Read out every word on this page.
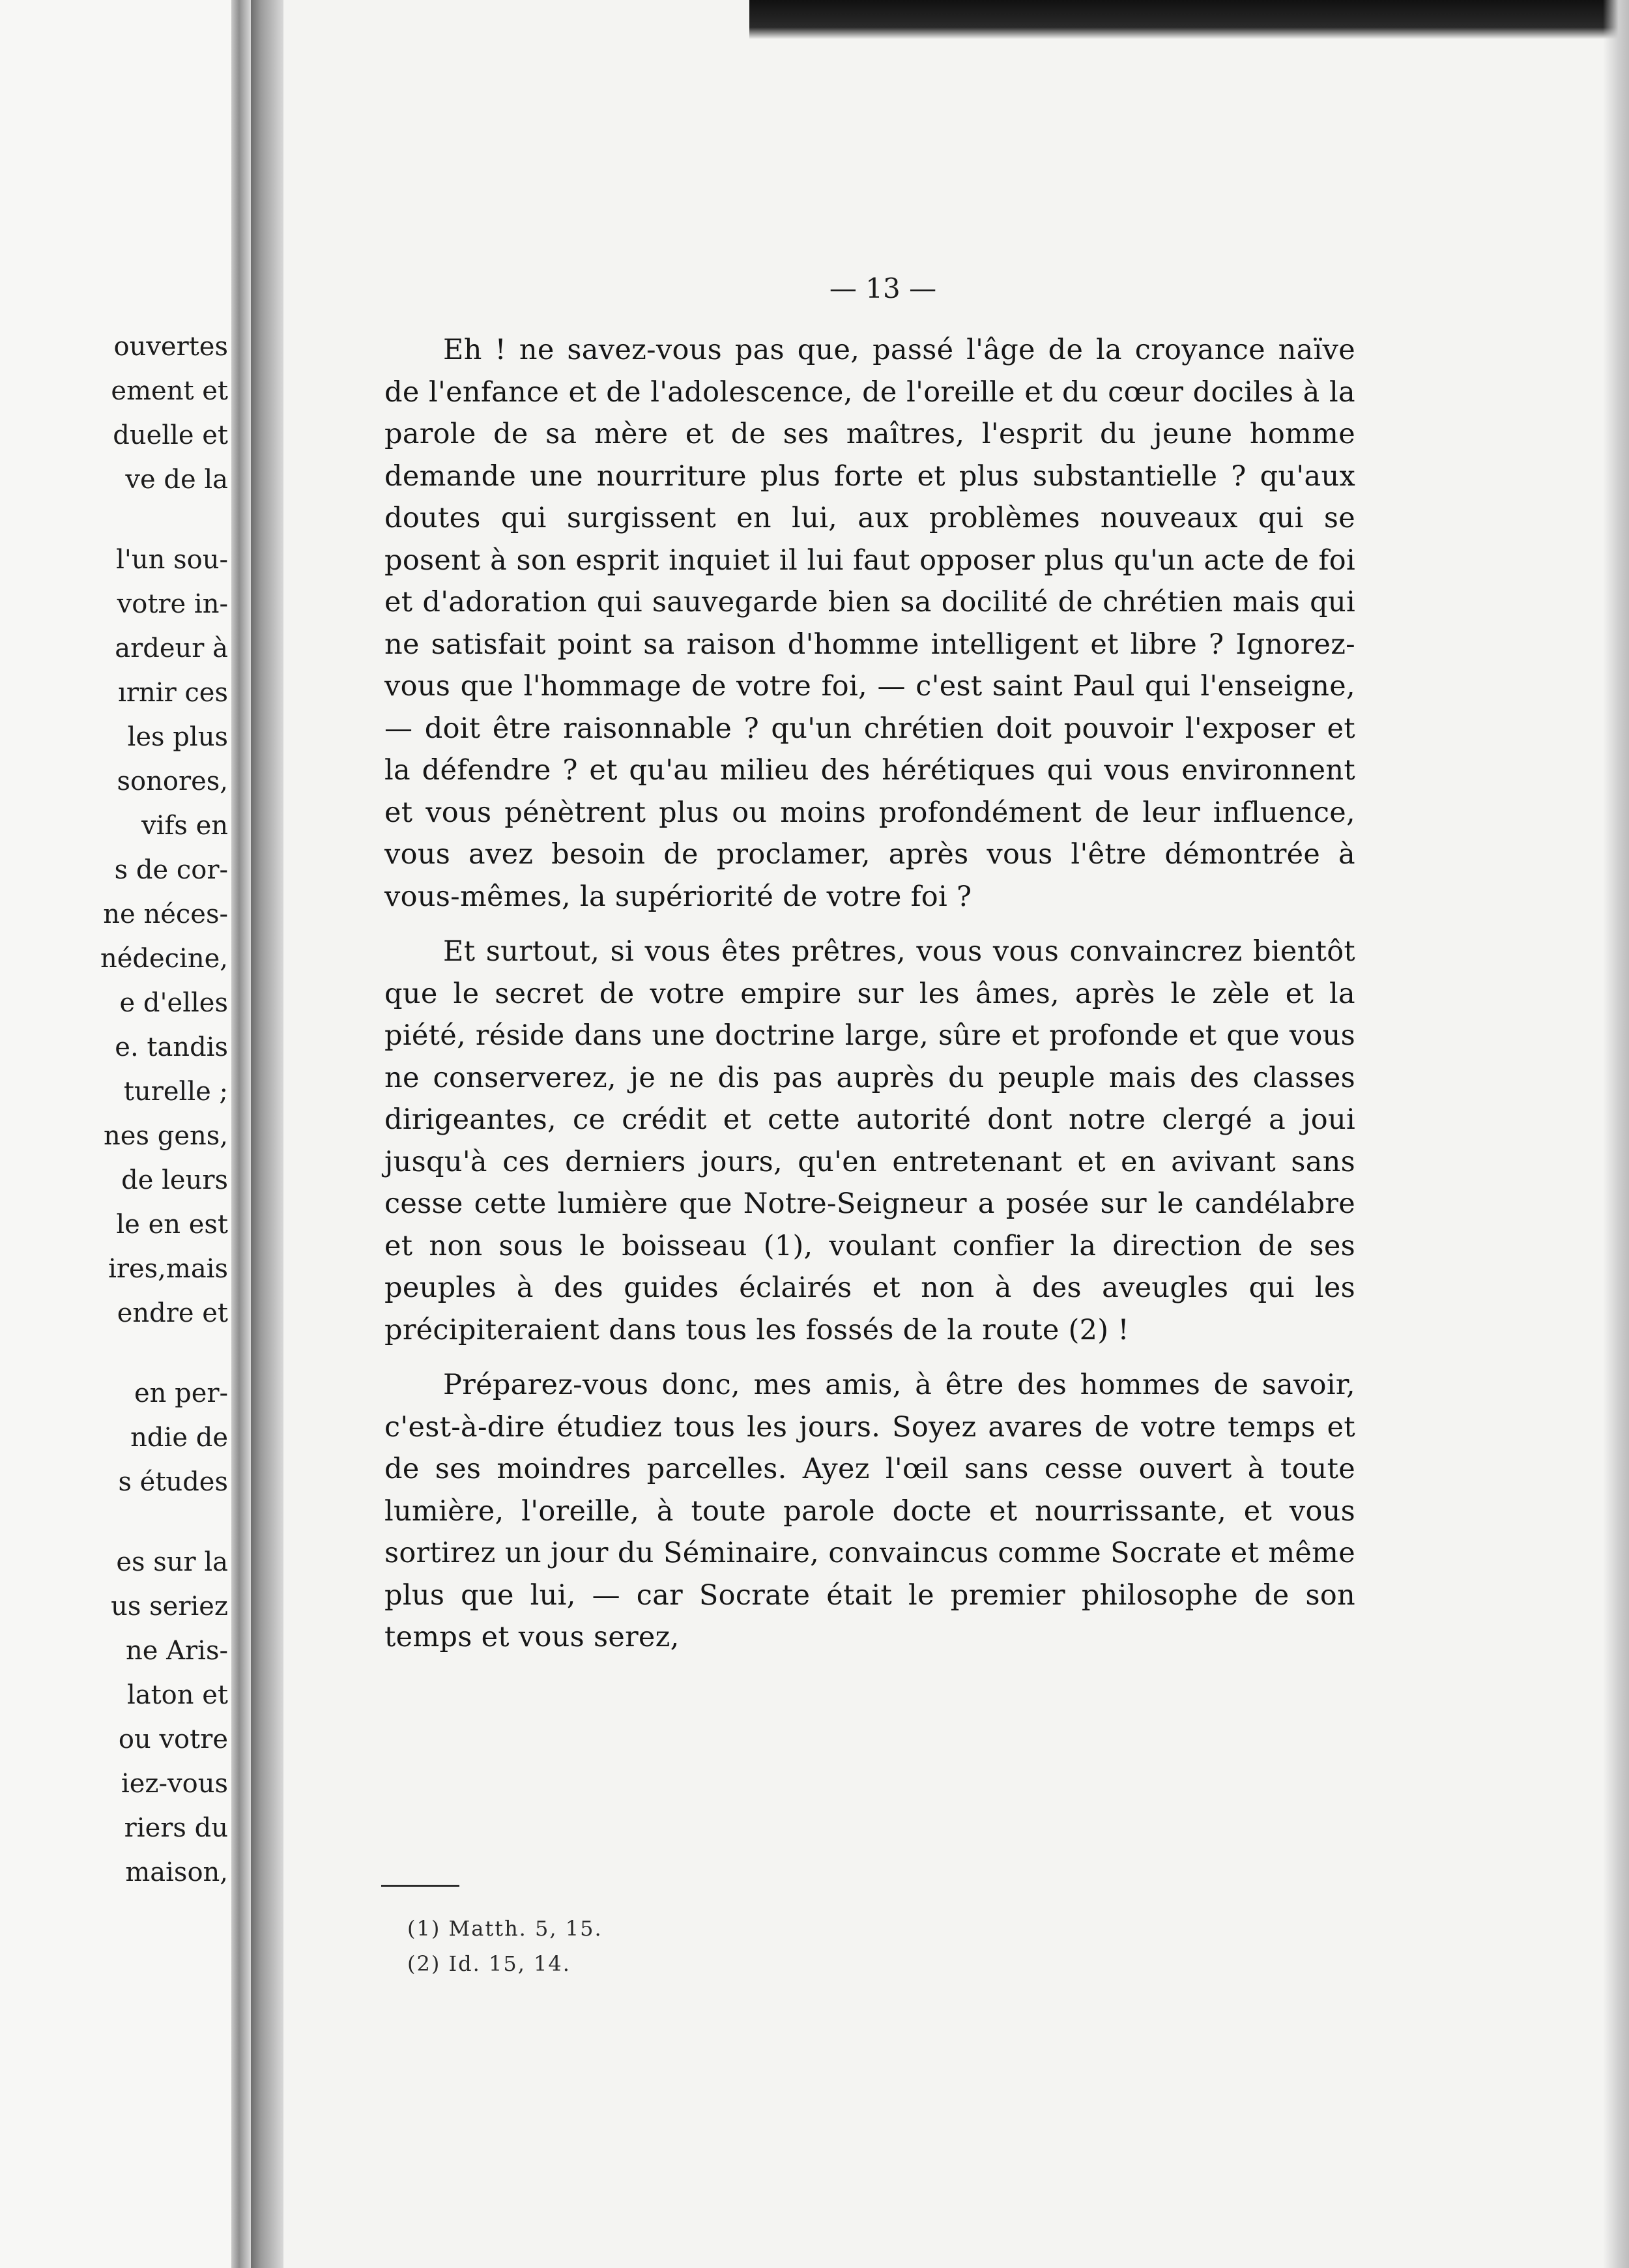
ouvertes
ement et
duelle et
ve de la
l'un sou-
votre in-
ardeur à
ırnir ces
les plus
sonores,
vifs en
s de cor-
ne néces-
nédecine,
e d'elles
e. tandis
turelle ;
nes gens,
de leurs
le en est
ires,mais
endre et
en per-
ndie de
s études
es sur la
us seriez
ne Aris-
laton et
ou votre
iez-vous
riers du
maison,
— 13 —

Eh ! ne savez-vous pas que, passé l'âge de la croyance naïve de l'enfance et de l'adolescence, de l'oreille et du cœur dociles à la parole de sa mère et de ses maîtres, l'esprit du jeune homme demande une nourriture plus forte et plus substantielle ? qu'aux doutes qui surgissent en lui, aux problèmes nouveaux qui se posent à son esprit inquiet il lui faut opposer plus qu'un acte de foi et d'adoration qui sauvegarde bien sa docilité de chrétien mais qui ne satisfait point sa raison d'homme intelligent et libre ? Ignorez-vous que l'hommage de votre foi, — c'est saint Paul qui l'enseigne, — doit être raisonnable ? qu'un chrétien doit pouvoir l'exposer et la défendre ? et qu'au milieu des hérétiques qui vous environnent et vous pénètrent plus ou moins profondément de leur influence, vous avez besoin de proclamer, après vous l'être démontrée à vous-mêmes, la supériorité de votre foi ?

Et surtout, si vous êtes prêtres, vous vous convaincrez bientôt que le secret de votre empire sur les âmes, après le zèle et la piété, réside dans une doctrine large, sûre et profonde et que vous ne conserverez, je ne dis pas auprès du peuple mais des classes dirigeantes, ce crédit et cette autorité dont notre clergé a joui jusqu'à ces derniers jours, qu'en entretenant et en avivant sans cesse cette lumière que Notre-Seigneur a posée sur le candélabre et non sous le boisseau (1), voulant confier la direction de ses peuples à des guides éclairés et non à des aveugles qui les précipiteraient dans tous les fossés de la route (2) !

Préparez-vous donc, mes amis, à être des hommes de savoir, c'est-à-dire étudiez tous les jours. Soyez avares de votre temps et de ses moindres parcelles. Ayez l'œil sans cesse ouvert à toute lumière, l'oreille, à toute parole docte et nourrissante, et vous sortirez un jour du Séminaire, convaincus comme Socrate et même plus que lui, — car Socrate était le premier philosophe de son temps et vous serez,

(1) Matth. 5, 15.
(2) Id. 15, 14.
